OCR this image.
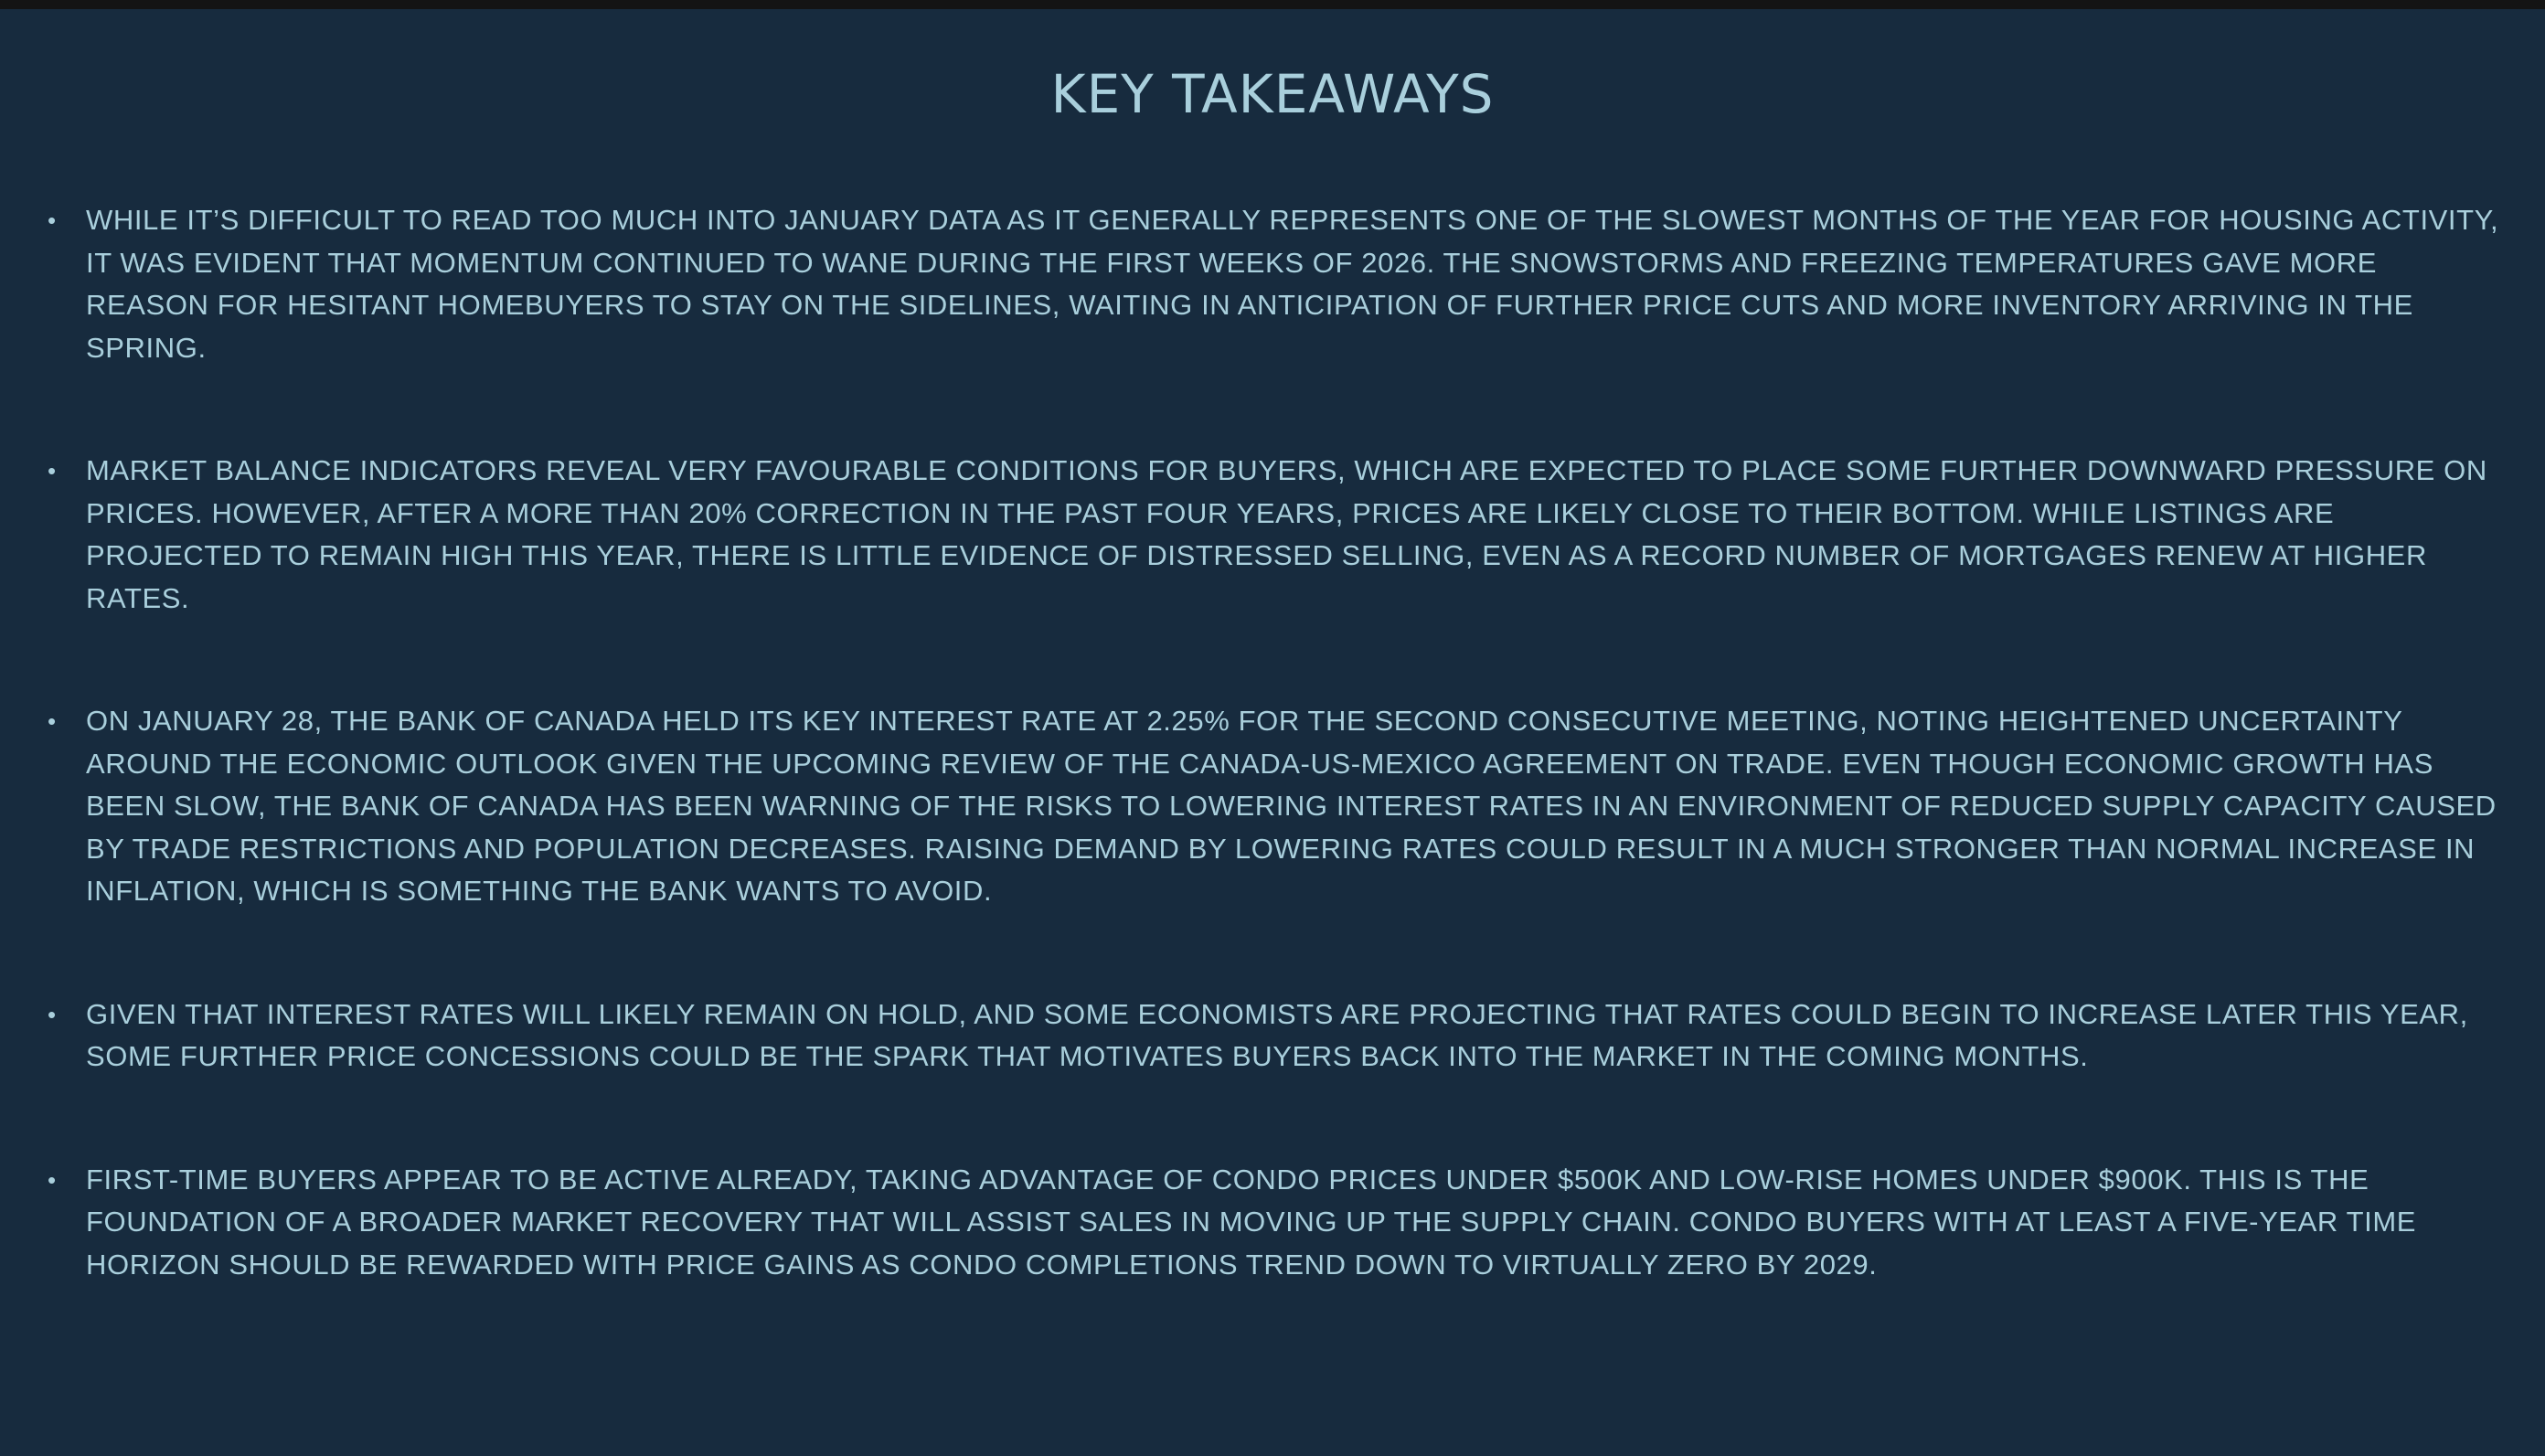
KEY TAKEAWAYS
• WHILE IT’S DIFFICULT TO READ TOO MUCH INTO JANUARY DATA AS IT GENERALLY REPRESENTS ONE OF THE SLOWEST MONTHS OF THE YEAR FOR HOUSING ACTIVITY, IT WAS EVIDENT THAT MOMENTUM CONTINUED TO WANE DURING THE FIRST WEEKS OF 2026. THE SNOWSTORMS AND FREEZING TEMPERATURES GAVE MORE REASON FOR HESITANT HOMEBUYERS TO STAY ON THE SIDELINES, WAITING IN ANTICIPATION OF FURTHER PRICE CUTS AND MORE INVENTORY ARRIVING IN THE SPRING.
• MARKET BALANCE INDICATORS REVEAL VERY FAVOURABLE CONDITIONS FOR BUYERS, WHICH ARE EXPECTED TO PLACE SOME FURTHER DOWNWARD PRESSURE ON PRICES. HOWEVER, AFTER A MORE THAN 20% CORRECTION IN THE PAST FOUR YEARS, PRICES ARE LIKELY CLOSE TO THEIR BOTTOM. WHILE LISTINGS ARE PROJECTED TO REMAIN HIGH THIS YEAR, THERE IS LITTLE EVIDENCE OF DISTRESSED SELLING, EVEN AS A RECORD NUMBER OF MORTGAGES RENEW AT HIGHER RATES.
• ON JANUARY 28, THE BANK OF CANADA HELD ITS KEY INTEREST RATE AT 2.25% FOR THE SECOND CONSECUTIVE MEETING, NOTING HEIGHTENED UNCERTAINTY AROUND THE ECONOMIC OUTLOOK GIVEN THE UPCOMING REVIEW OF THE CANADA-US-MEXICO AGREEMENT ON TRADE. EVEN THOUGH ECONOMIC GROWTH HAS BEEN SLOW, THE BANK OF CANADA HAS BEEN WARNING OF THE RISKS TO LOWERING INTEREST RATES IN AN ENVIRONMENT OF REDUCED SUPPLY CAPACITY CAUSED BY TRADE RESTRICTIONS AND POPULATION DECREASES. RAISING DEMAND BY LOWERING RATES COULD RESULT IN A MUCH STRONGER THAN NORMAL INCREASE IN INFLATION, WHICH IS SOMETHING THE BANK WANTS TO AVOID.
• GIVEN THAT INTEREST RATES WILL LIKELY REMAIN ON HOLD, AND SOME ECONOMISTS ARE PROJECTING THAT RATES COULD BEGIN TO INCREASE LATER THIS YEAR, SOME FURTHER PRICE CONCESSIONS COULD BE THE SPARK THAT MOTIVATES BUYERS BACK INTO THE MARKET IN THE COMING MONTHS.
• FIRST-TIME BUYERS APPEAR TO BE ACTIVE ALREADY, TAKING ADVANTAGE OF CONDO PRICES UNDER $500K AND LOW-RISE HOMES UNDER $900K. THIS IS THE FOUNDATION OF A BROADER MARKET RECOVERY THAT WILL ASSIST SALES IN MOVING UP THE SUPPLY CHAIN. CONDO BUYERS WITH AT LEAST A FIVE-YEAR TIME HORIZON SHOULD BE REWARDED WITH PRICE GAINS AS CONDO COMPLETIONS TREND DOWN TO VIRTUALLY ZERO BY 2029.
